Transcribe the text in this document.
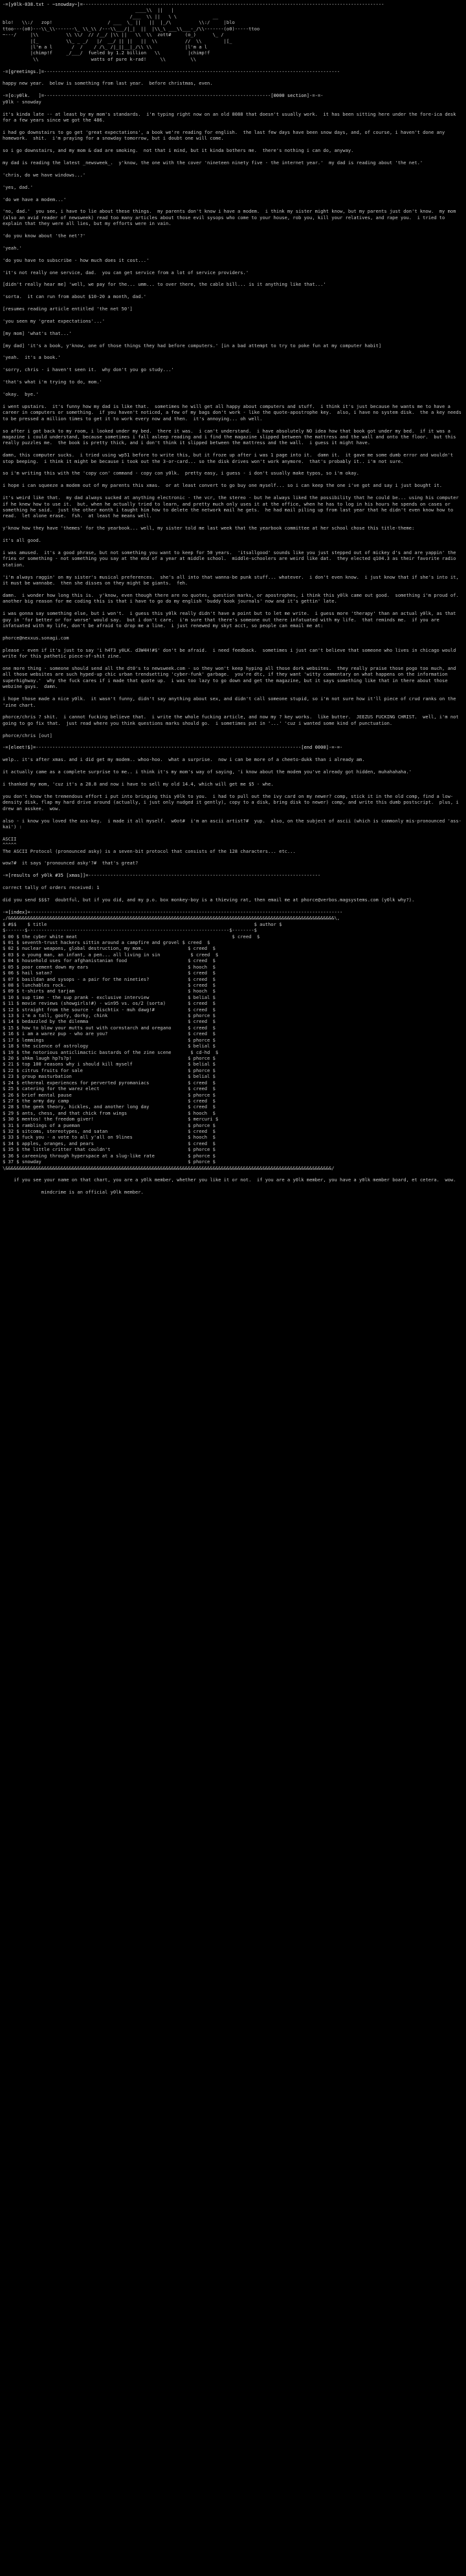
-=[y0lk-038.txt - ~snowday~]=-------------------------------------------------------------------------------------------------------------
____\\  ||   |
/___  \\ ||   \ \             __
blo!   \\:/   zop!                    / ___  \_ ||   ||  |_/\          \\:/     |blo
ttoo---(o0)---\\_\\-------\_ \\_\\ /---\\___/|_|  ||  |\\_\ ___\\___-_/\\-------(o0)-----ttoo
~---/     |\\          \\ \\/  // /__/ |\\ ||   \\  \\  zott#     (o_)      \_ /
|[_          \\_ _ _/   |/  __/ || ||   ||  \\          //  \\        |[_
|l'm a l       /  /    / /\_ /|_||__|_/\\ \\            |l'm a l
|chimp!f     _/___/  fueled by 1.2 billion   \\          |chimp!f
\\                   watts of pure k-rad!     \\         \\

-=[greetings.]=-----------------------------------------------------------------------------------------------------------

happy new year.  below is something from last year.  before christmas, even.

-=[o:y0lk.   ]=----------------------------------------------------------------------------------[0000 section]-=-=-
y0lk - snowday

it's kinda late -- at least by my mom's standards.  i'm typing right now on an old 8088 that doesn't usually work.  it has been sitting here under the fore-ica desk for a few years since we got the 486.

i had go downstairs to go get 'great expectations', a book we're reading for english.  the last few days have been snow days, and, of course, i haven't done any homework.  shit.  i'm praying for a snowday tomorrow, but i doubt one will come.

so i go downstairs, and my mom & dad are smoking.  not that i mind, but it kinda bothers me.  there's nothing i can do, anyway.

my dad is reading the latest _newsweek_.  y'know, the one with the cover 'nineteen ninety five - the internet year.'  my dad is reading about 'the net.'

'chris, do we have windows...'

'yes, dad.'

'do we have a modem...'

'no, dad.'  you see, i have to lie about these things.  my parents don't know i have a modem.  i think my sister might know, but my parents just don't know.  my mom (also an avid reader of newsweek) read too many articles about those evil sysops who come to your house, rob you, kill your relatives, and rape you.  i tried to explain that they were all lies, but my efforts were in vain.

'do you know about 'the net'?'

'yeah.'

'do you have to subscribe - how much does it cost...'

'it's not really one service, dad.  you can get service from a lot of service providers.'

[didn't really hear me] 'well, we pay for the... umm... to over there, the cable bill... is it anything like that...'

'sorta.  it can run from about $10-20 a month, dad.'

[resumes reading article entitled 'the net 50']

'you seen my 'great expectations'...'

[my mom] 'what's that...'

[my dad] 'it's a book, y'know, one of those things they had before computers.' [in a bad attempt to try to poke fun at my computer habit]

'yeah.  it's a book.'

'sorry, chris - i haven't seen it.  why don't you go study...'

'that's what i'm trying to do, mom.'

'okay.  bye.'

i went upstairs.  it's funny how my dad is like that.  sometimes he will get all happy about computers and stuff.  i think it's just because he wants me to have a career in computers or something.  if you haven't noticed, a few of my bags don't work - like the quote-apostrophe key.  also, i have no system disk.  the a key needs to be pressed a million times to get it to work every now and then.  it's annoying... oh well.

so after i got back to my room, i looked under my bed.  there it was.  i can't understand.  i have absolutely NO idea how that book got under my bed.  if it was a magazine i could understand, because sometimes i fall asleep reading and i find the magazine slipped between the mattress and the wall and onto the floor.  but this really puzzles me.  the book is pretty thick, and i don't think it slipped between the mattress and the wall.  i guess it might have.

damn, this computer sucks.  i tried using wp51 before to write this, but it froze up after i was 1 page into it.  damn it.  it gave me some dumb error and wouldn't stop beeping.  i think it might be because i took out the 3-or-card... so the disk drives won't work anymore.  that's probably it.. i'm not sure.

so i'm writing this with the 'copy con' command - copy con y0lk.  pretty easy, i guess - i don't usually make typos, so i'm okay.

i hope i can squeeze a modem out of my parents this xmas.  or at least convert to go buy one myself... so i can keep the one i've got and say i just bought it.

it's weird like that.  my dad always sucked at anything electronic - the vcr, the stereo - but he always liked the possibility that he could be... using his computer if he knew how to use it.  but, when he actually tried to learn, and pretty much only uses it at the office, when he has to log in his hours he spends on cases or something he said.  just the other month i taught him how to delete the network mail he gets.  he had mail piling up from last year that he didn't even know how to read.  let alone erase.  fsh.  at least he means well.

y'know how they have 'themes' for the yearbook... well, my sister told me last week that the yearbook committee at her school chose this title-theme:

it's all good.

i was amused.  it's a good phrase, but not something you want to keep for 50 years.  'itsallgood' sounds like you just stepped out of mickey d's and are yappin' the fries or something - not something you say at the end of a year at middle school.  middle-schoolers are weird like dat.  they elected q104.3 as their favorite radio station.

'i'm always raggin' on my sister's musical preferences.  she's all into that wanna-be punk stuff... whatever.  i don't even know.  i just know that if she's into it, it must be wannabe.  then she disses on they might be giants.  feh.

damn.  i wonder how long this is.  y'know, even though there are no quotes, question marks, or apostrophes, i think this y0lk came out good.  something i'm proud of.  another big reason for me coding this is that i have to go do my english 'buddy book journals' now and it's gettin' late.

i was gonna say something else, but i won't.  i guess this y0lk really didn't have a point but to let me write.  i guess more 'therapy' than an actual y0lk, as that guy in 'for better or for worse' would say.  but i don't care.  i'm sure that there's someone out there infatuated with my life.  that reminds me.  if you are infatuated with my life, don't be afraid to drop me a line.  i just renewed my skyt acct, so people can email me at:

phorce@nexxus.sonagi.com

please - even if it's just to say 'i h4T3 y0LK. d3W4H!#$' don't be afraid.  i need feedback.  sometimes i just can't believe that someone who lives in chicago would write for this pathetic piece-of-shit zine.

one more thing - someone should send all the dt0's to newsweek.com - so they won't keep hyping all those dork websites.  they really praise those pogo too much, and all those websites are such hyped-up chic urban trendsetting 'cyber-funk' garbage.  you're dtc, if they want 'witty commentary on what happens on the information superhighway.'  why the fuck cares if i made that quote up.  i was too lazy to go down and get the magazine, but it says something like that in there about those webzine guys.  damn.

i hope those made a nice y0lk.  it wasn't funny, didn't say anything about sex, and didn't call someone stupid, so i'm not sure how it'll piece of crud ranks on the 'zine chart.

phorce/chris ? shit.  i cannot fucking believe that.  i write the whole fucking article, and now my ? key works.  like butter.  JEEZUS FUCKING CHRIST.  well, i'm not going to go fix that.  just read where you think questions marks should go.  i sometimes put in '...' 'cuz i wanted some kind of punctuation.

phorce/chris [out]

-=[eleet!$]=------------------------------------------------------------------------------------------------[end 0000]-=-=-

welp.. it's after xmas. and i did get my modem.. whoo-hoo.  what a surprise.  now i can be more of a cheeto-dukk than i already am.

it actually came as a complete surprise to me.. i think it's my mom's way of saying, 'i know about the modem you've already got hidden, muhahahaha.'

i thanked my mom, 'cuz it's a 28.8 and now i have to sell my old 14.4, which will get me $5 - whe.

you don't know the tremendous effort i put into bringing this y0lk to you.  i had to pull out the ivy card on my newer? comp, stick it in the old comp, find a low-density disk, flap my hard drive around (actually, i just only nudged it gently), copy to a disk, bring disk to newer) comp, and write this dumb postscript.  plus, i drew an asskee.  wow.

also - i know you loved the ass-key.  i made it all myself.  w0ot#  i'm an ascii artist?#  yup.  also, on the subject of ascii (which is commonly mis-pronounced 'ass-kai') :

ASCII
^^^^^
The ASCII Protocol (pronounced asky) is a seven-bit protocol that consists of the 128 characters... etc...

wow?#  it says 'pronounced asky'?#  that's great?

-=[results of y0lk #35 [xmas]]=------------------------------------------------------------------------------------

correct tally of orders received: 1

did you send $$$?  doubtful, but if you did, and my p.o. box monkey-boy is a thieving rat, then email me at phorce@verbos.magsystems.com (y0lk why?).

-=[index]=-----------------------------------------------------------------------------------------------------------------
,/&&&&&&&&&&&&&&&&&&&&&&&&&&&&&&&&&&&&&&&&&&&&&&&&&&&&&&&&&&&&&&&&&&&&&&&&&&&&&&&&&&&&&&&&&&&&&&&&&&&&&&&&&&&&&&&&&&&&&&\,
$ #$$    $ title                                                                           $ author $
$-------$-------------------------------------------------------------------------$--------$
$ 00 $ the cyber white meat                                                        $ creed  $
$ 01 $ seventh-trust hackers sittin around a campfire and grovel $ creed  $
$ 02 $ nuclear weapons, global destruction, my mom.                $ creed  $
$ 03 $ a young man, an infant, a pen... all living in sin           $ creed  $
$ 04 $ household uses for afghanistanian food                      $ creed  $
$ 05 $ poor cement down my ears                                    $ hooch  $
$ 06 $ hail satan?                                                 $ creed  $
$ 07 $ basildan and sysops - a pair for the nineties?              $ creed  $
$ 08 $ lunchables rock.                                            $ creed  $
$ 09 $ t-shirts and tarjam                                         $ hooch  $
$ 10 $ sup time - the sup prank - exclusive interview              $ belial $
$ 11 $ movie reviews (showgirls!#) - win95 vs. os/2 (sorta)        $ creed  $
$ 12 $ straight from the source - dischtix - muh dawg!#            $ creed  $
$ 13 $ i'm a tall, goofy, dorky, chink                             $ phorce $
$ 14 $ bedazzled by the dilemma                                    $ creed  $
$ 15 $ how to blow your mutts out with cornstarch and oregano      $ creed  $
$ 16 $ i am a warez pup - who are you?                             $ creed  $
$ 17 $ lemmings                                                    $ phorce $
$ 18 $ the science of astrology                                    $ belial $
$ 19 $ the notorious anticlimactic bastards of the zine scene       $ cd-hd  $
$ 20 $ shkm laugh hp?s?p!                                          $ phorce $
$ 21 $ top 100 reasons why i should kill myself                    $ belial $
$ 22 $ citrus fruits for sale                                      $ phorce $
$ 23 $ group masturbation                                          $ belial $
$ 24 $ ethereal experiences for perverted pyromaniacs              $ creed  $
$ 25 $ catering for the warez elect                                $ creed  $
$ 26 $ brief mental pause                                          $ phorce $
$ 27 $ the army day camp                                           $ creed  $
$ 28 $ the geek theory, hickles, and another long day              $ creed  $
$ 29 $ ants, chess, and that chick from wings                      $ hooch  $
$ 30 $ mentos! the freedom giver!                                  $ mercuri $
$ 31 $ ramblings of a pueman                                       $ phorce $
$ 32 $ sitcoms, stereotypes, and satan                             $ creed  $
$ 33 $ fuck you - a vote to all y'all on 9lines                    $ hooch  $
$ 34 $ apples, oranges, and pears                                  $ creed  $
$ 35 $ the little critter that couldn't                            $ phorce $
$ 36 $ careening through hyperspace at a slug-like rate            $ phorce $
$ 37 $ snowday                                                     $ phorce $
\&&&&&&&&&&&&&&&&&&&&&&&&&&&&&&&&&&&&&&&&&&&&&&&&&&&&&&&&&&&&&&&&&&&&&&&&&&&&&&&&&&&&&&&&&&&&&&&&&&&&&&&&&&&&&&&&&&&&&&/

if you see your name on that chart, you are a y0lk member, whether you like it or not.  if you are a y0lk member, you have a y0lk member board, et cetera.  wow.

mindcrime is an official y0lk member.
